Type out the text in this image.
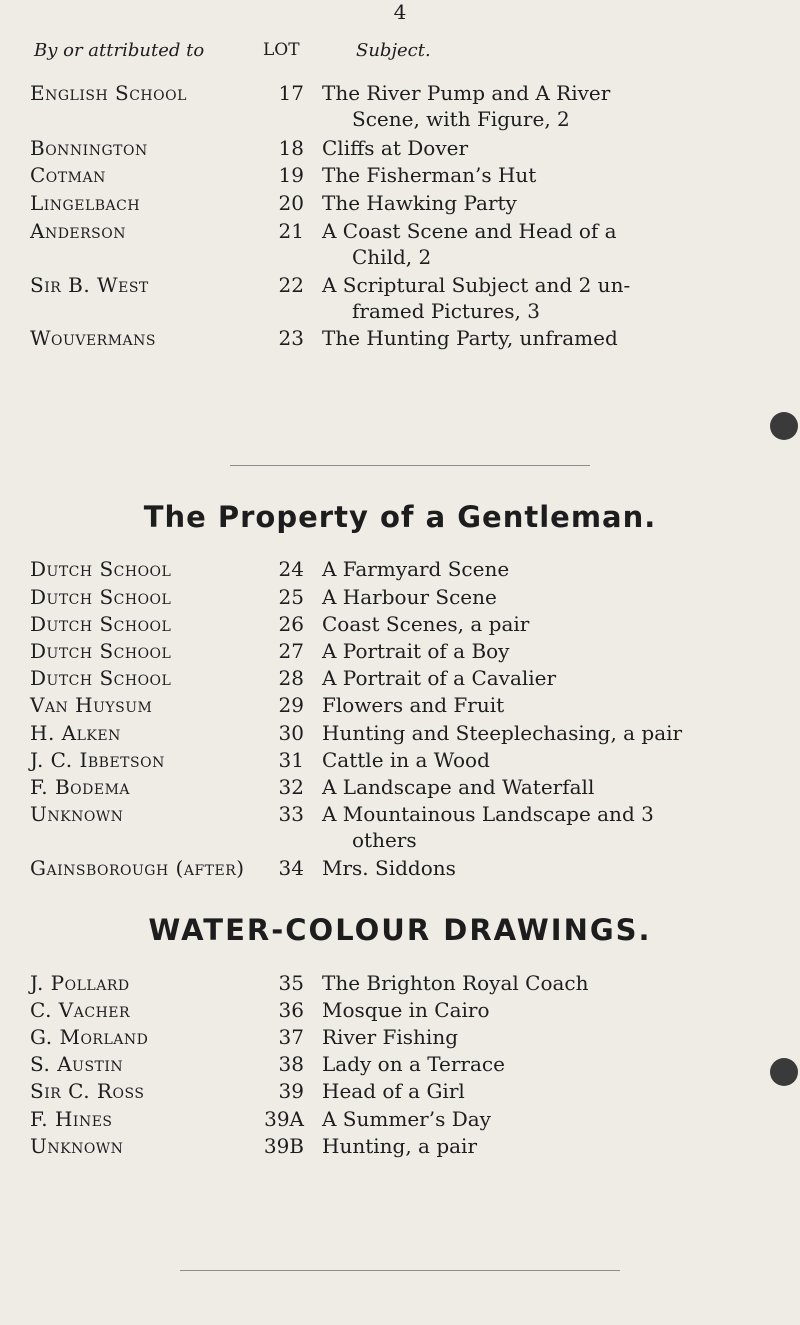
4
By or attributed to	LOT	Subject.
English School	17 The River Pump and A River
Scene, with Figure, 2
Bonnington	18 Cliffs at Dover
Cotman	19 The Fisherman’s Hut
Lingelbach	20 The Hawking Party
Anderson	21 A Coast Scene and Head of a
Child, 2
Sir B. West	22 A Scriptural Subject and 2 un-
framed Pictures, 3
Wouvermans	23 The Hunting Party, unframed
The Property of a Gentleman.
Dutch School	24 A Farmyard Scene
Dutch School	25 A Harbour Scene
Dutch School	26 Coast Scenes, a pair
Dutch School	27 A Portrait of a Boy
Dutch School	28 A Portrait of a Cavalier
Van Huysum	29 Flowers and Fruit
H. Alken	30 Hunting and Steeplechasing, a pair
J. C. Ibbetson	31 Cattle in a Wood
F. Bodema	32 A Landscape and Waterfall
Unknown	33 A Mountainous Landscape and 3
others
Gainsborough (after)	34 Mrs. Siddons
WATER-COLOUR DRAWINGS.
J. Pollard	35 The Brighton Royal Coach
C. Vacher	36 Mosque in Cairo
G. Morland	37 River Fishing
S. Austin	38 Lady on a Terrace
Sir C. Ross	39 Head of a Girl
F. Hines	39A A Summer’s Day
Unknown	39B Hunting, a pair
